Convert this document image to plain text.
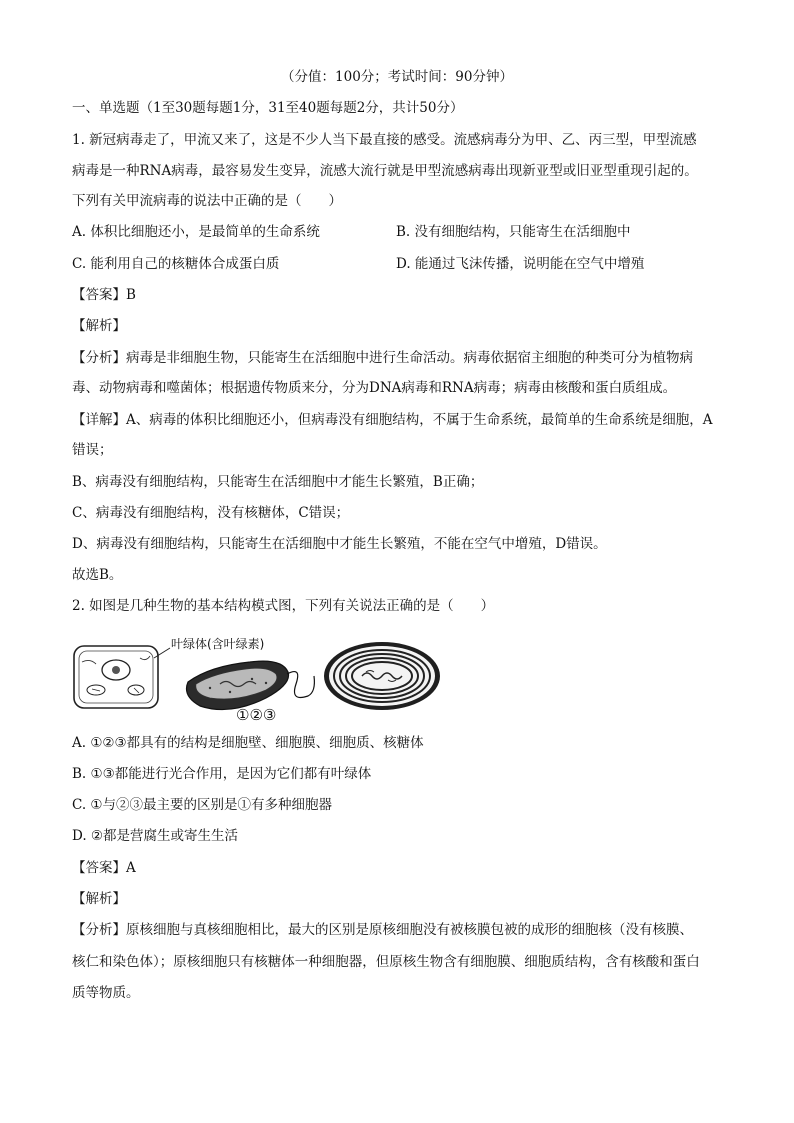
（分值：100分；考试时间：90分钟）
一、单选题（1至30题每题1分，31至40题每题2分，共计50分）
1. 新冠病毒走了，甲流又来了，这是不少人当下最直接的感受。流感病毒分为甲、乙、丙三型，甲型流感
病毒是一种RNA病毒，最容易发生变异，流感大流行就是甲型流感病毒出现新亚型或旧亚型重现引起的。
下列有关甲流病毒的说法中正确的是（　　）
A. 体积比细胞还小，是最简单的生命系统	B. 没有细胞结构，只能寄生在活细胞中
C. 能利用自己的核糖体合成蛋白质	D. 能通过飞沫传播，说明能在空气中增殖
【答案】B
【解析】
【分析】病毒是非细胞生物，只能寄生在活细胞中进行生命活动。病毒依据宿主细胞的种类可分为植物病
毒、动物病毒和噬菌体；根据遗传物质来分，分为DNA病毒和RNA病毒；病毒由核酸和蛋白质组成。
【详解】A、病毒的体积比细胞还小，但病毒没有细胞结构，不属于生命系统，最简单的生命系统是细胞，A
错误；
B、病毒没有细胞结构，只能寄生在活细胞中才能生长繁殖，B正确；
C、病毒没有细胞结构，没有核糖体，C错误；
D、病毒没有细胞结构，只能寄生在活细胞中才能生长繁殖，不能在空气中增殖，D错误。
故选B。
2. 如图是几种生物的基本结构模式图，下列有关说法正确的是（　　）
叶绿体(含叶绿素)
①②③
A. ①②③都具有的结构是细胞壁、细胞膜、细胞质、核糖体
B. ①③都能进行光合作用，是因为它们都有叶绿体
C. ①与②③最主要的区别是①有多种细胞器
D. ②都是营腐生或寄生生活
【答案】A
【解析】
【分析】原核细胞与真核细胞相比，最大的区别是原核细胞没有被核膜包被的成形的细胞核（没有核膜、
核仁和染色体）；原核细胞只有核糖体一种细胞器，但原核生物含有细胞膜、细胞质结构，含有核酸和蛋白
质等物质。
